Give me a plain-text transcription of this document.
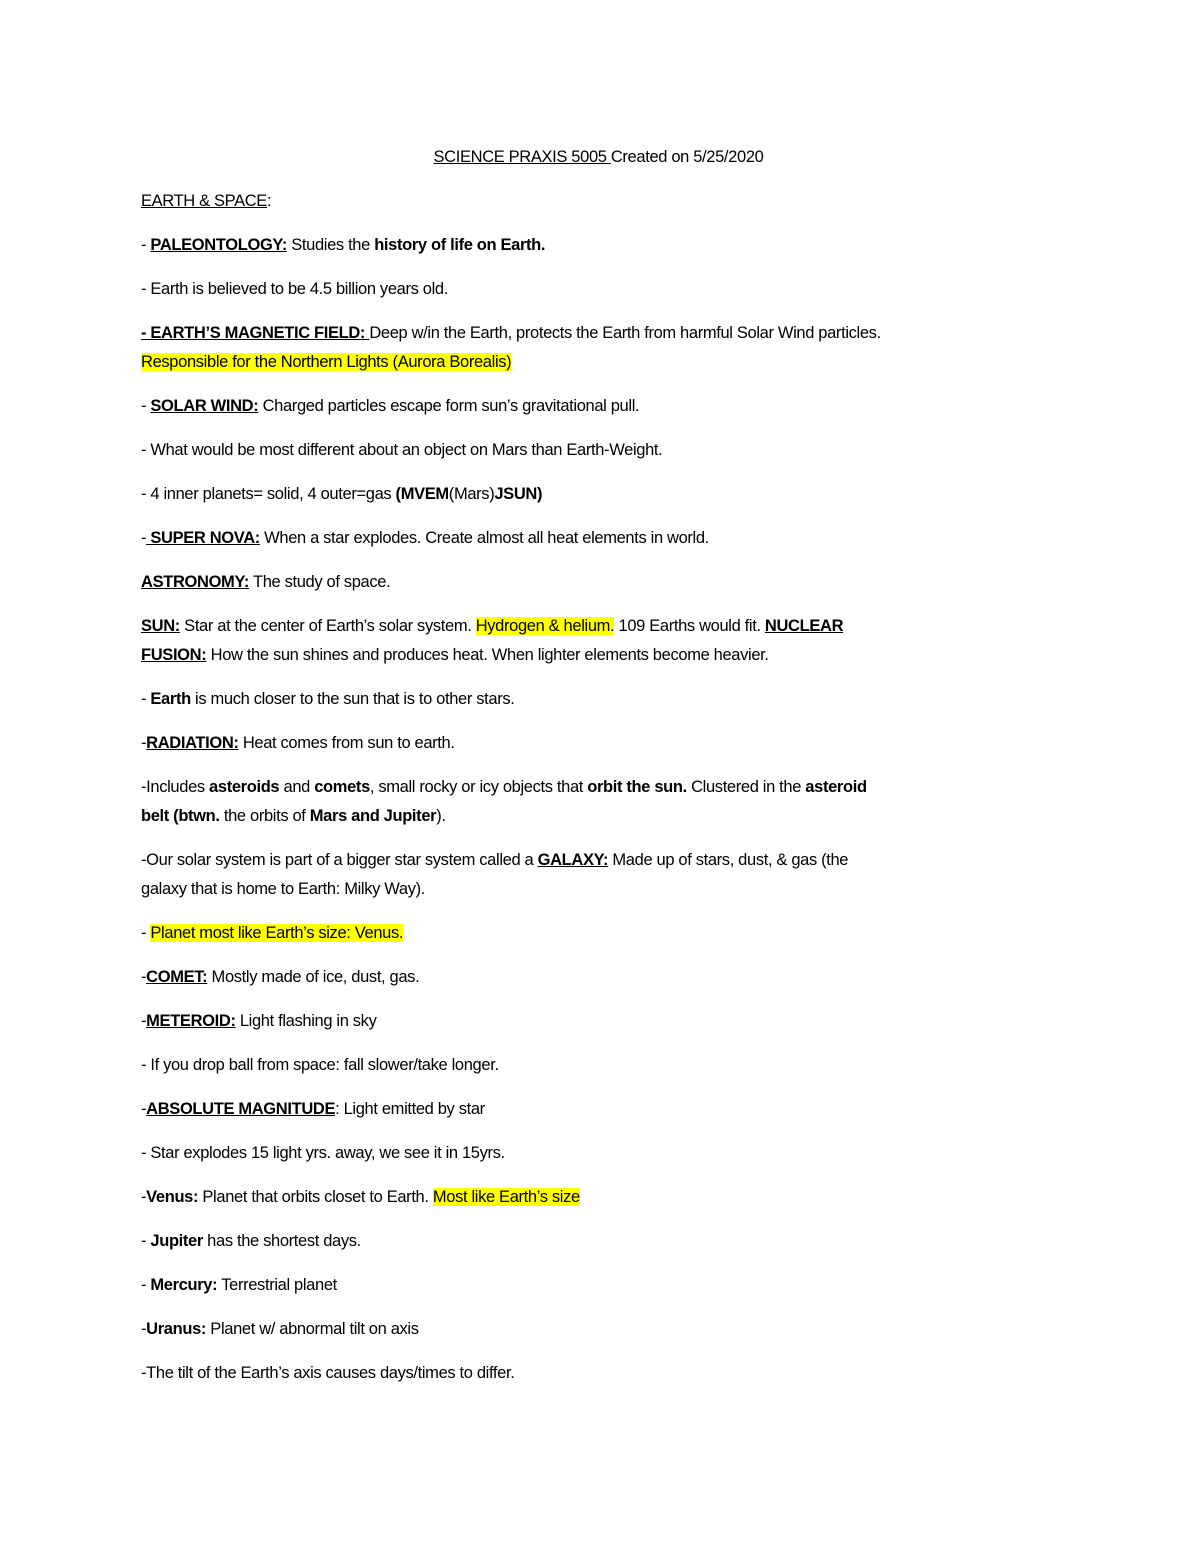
SCIENCE PRAXIS 5005 Created on 5/25/2020
EARTH & SPACE:
- PALEONTOLOGY: Studies the history of life on Earth.
- Earth is believed to be 4.5 billion years old.
- EARTH’S MAGNETIC FIELD: Deep w/in the Earth, protects the Earth from harmful Solar Wind particles.
Responsible for the Northern Lights (Aurora Borealis)
- SOLAR WIND: Charged particles escape form sun’s gravitational pull.
- What would be most different about an object on Mars than Earth-Weight.
- 4 inner planets= solid, 4 outer=gas (MVEM(Mars)JSUN)
- SUPER NOVA: When a star explodes. Create almost all heat elements in world.
ASTRONOMY: The study of space.
SUN: Star at the center of Earth’s solar system. Hydrogen & helium. 109 Earths would fit. NUCLEAR
FUSION: How the sun shines and produces heat. When lighter elements become heavier.
- Earth is much closer to the sun that is to other stars.
-RADIATION: Heat comes from sun to earth.
-Includes asteroids and comets, small rocky or icy objects that orbit the sun. Clustered in the asteroid
belt (btwn. the orbits of Mars and Jupiter).
-Our solar system is part of a bigger star system called a GALAXY: Made up of stars, dust, & gas (the
galaxy that is home to Earth: Milky Way).
- Planet most like Earth’s size: Venus.
-COMET: Mostly made of ice, dust, gas.
-METEROID: Light flashing in sky
- If you drop ball from space: fall slower/take longer.
-ABSOLUTE MAGNITUDE: Light emitted by star
- Star explodes 15 light yrs. away, we see it in 15yrs.
-Venus: Planet that orbits closet to Earth. Most like Earth’s size
- Jupiter has the shortest days.
- Mercury: Terrestrial planet
-Uranus: Planet w/ abnormal tilt on axis
-The tilt of the Earth’s axis causes days/times to differ.
